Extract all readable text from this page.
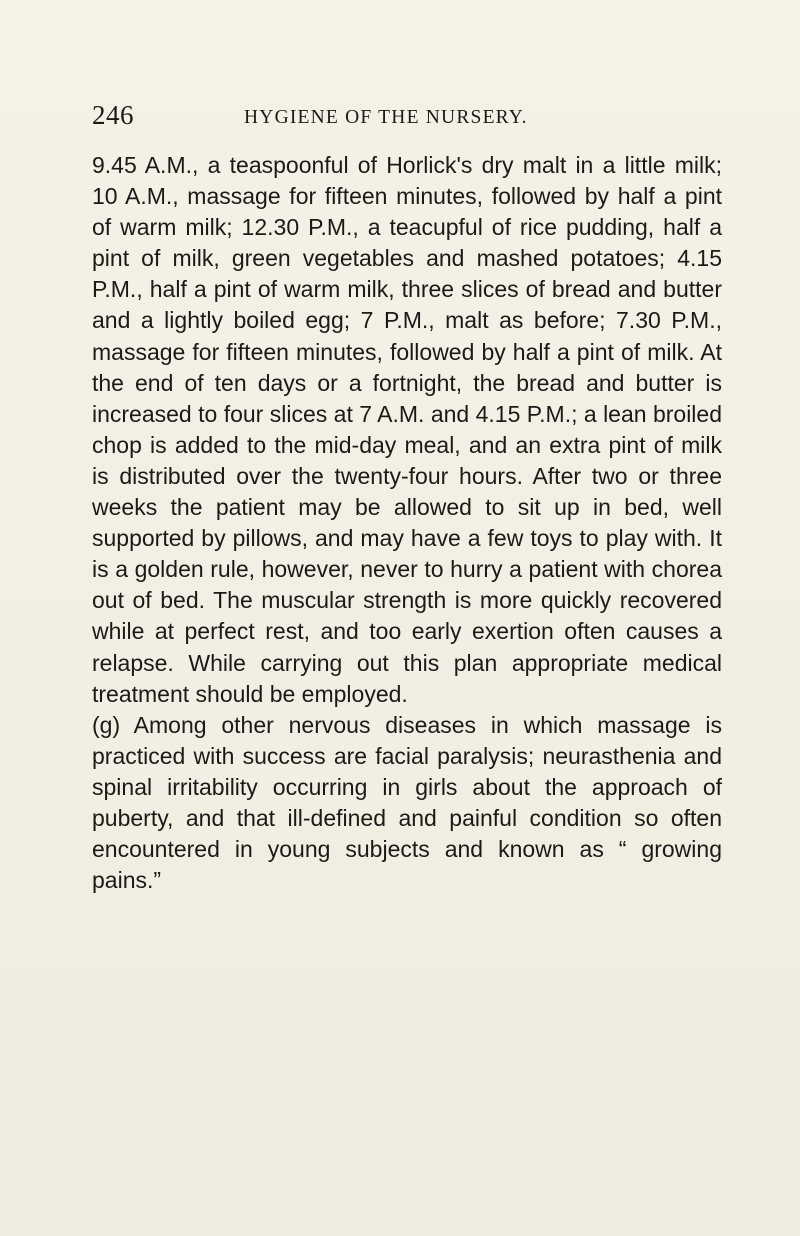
246	HYGIENE OF THE NURSERY.

9.45 A.M., a teaspoonful of Horlick's dry malt in a little milk; 10 A.M., massage for fifteen minutes, followed by half a pint of warm milk; 12.30 P.M., a teacupful of rice pudding, half a pint of milk, green vegetables and mashed potatoes; 4.15 P.M., half a pint of warm milk, three slices of bread and butter and a lightly boiled egg; 7 P.M., malt as before; 7.30 P.M., massage for fifteen minutes, followed by half a pint of milk. At the end of ten days or a fortnight, the bread and butter is increased to four slices at 7 A.M. and 4.15 P.M.; a lean broiled chop is added to the mid-day meal, and an extra pint of milk is distributed over the twenty-four hours. After two or three weeks the patient may be allowed to sit up in bed, well supported by pillows, and may have a few toys to play with. It is a golden rule, however, never to hurry a patient with chorea out of bed. The muscular strength is more quickly recovered while at perfect rest, and too early exertion often causes a relapse. While carrying out this plan appropriate medical treatment should be employed.

(g) Among other nervous diseases in which massage is practiced with success are facial paralysis; neurasthenia and spinal irritability occurring in girls about the approach of puberty, and that ill-defined and painful condition so often encountered in young subjects and known as “ growing pains.”
